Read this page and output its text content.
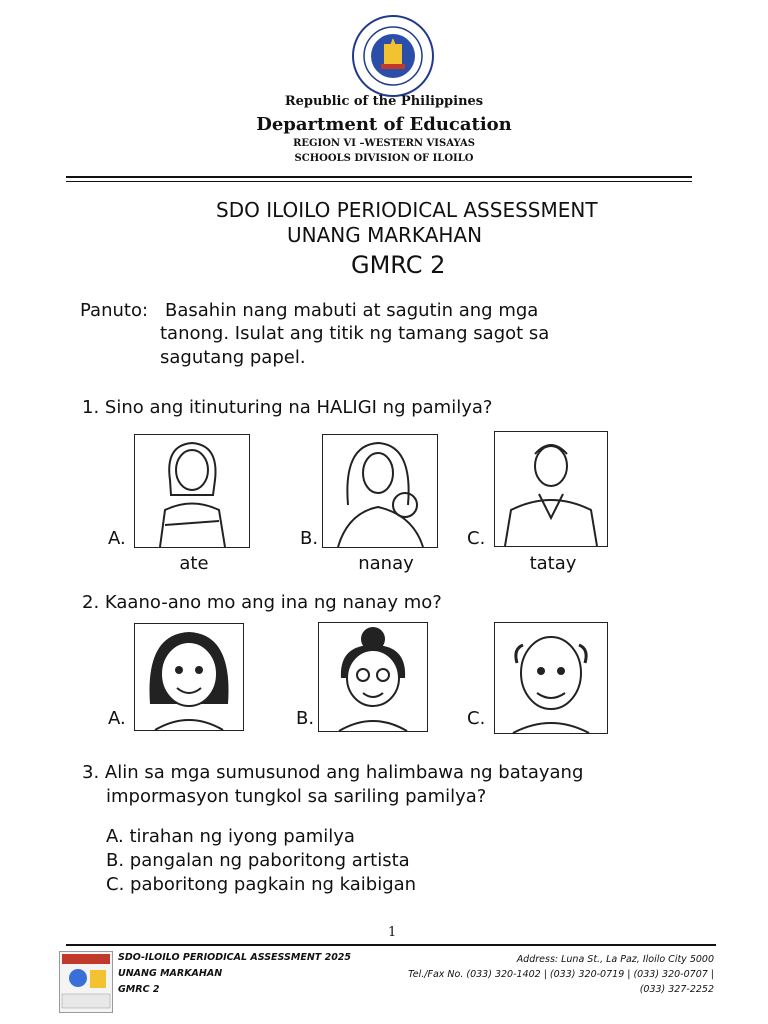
Republic of the Philippines
Department of Education
REGION VI –WESTERN VISAYAS
SCHOOLS DIVISION OF ILOILO
SDO ILOILO PERIODICAL ASSESSMENT
UNANG MARKAHAN
GMRC 2
Panuto: Basahin nang mabuti at sagutin ang mga
tanong. Isulat ang titik ng tamang sagot sa
sagutang papel.
1. Sino ang itinuturing na HALIGI ng pamilya?
A.	B.	C.
ate	nanay	tatay
2. Kaano-ano mo ang ina ng nanay mo?
A.	B.	C.
3. Alin sa mga sumusunod ang halimbawa ng batayang
impormasyon tungkol sa sariling pamilya?
A. tirahan ng iyong pamilya
B. pangalan ng paboritong artista
C. paboritong pagkain ng kaibigan
1
SDO-ILOILO PERIODICAL ASSESSMENT 2025
UNANG MARKAHAN
GMRC 2
Address: Luna St., La Paz, Iloilo City 5000
Tel./Fax No. (033) 320-1402 | (033) 320-0719 | (033) 320-0707 |
(033) 327-2252
